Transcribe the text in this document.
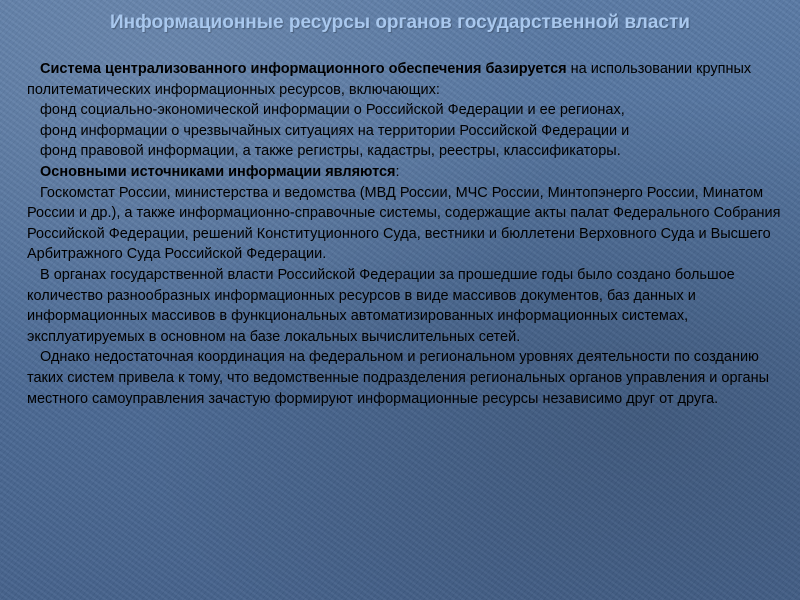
Информационные ресурсы органов государственной власти

Система централизованного информационного обеспечения базируется на использовании крупных политематических информационных ресурсов, включающих:

фонд социально-экономической информации о Российской Федерации и ее регионах,

фонд информации о чрезвычайных ситуациях на территории Российской Федерации и

фонд правовой информации, а также регистры, кадастры, реестры, классификаторы.

Основными источниками информации являются:

Госкомстат России, министерства и ведомства (МВД России, МЧС России, Минтопэнерго России, Минатом России и др.), а также информационно-справочные системы, содержащие акты палат Федерального Собрания Российской Федерации, решений Конституционного Суда, вестники и бюллетени Верховного Суда и Высшего Арбитражного Суда Российской Федерации.

В органах государственной власти Российской Федерации за прошедшие годы было создано большое количество разнообразных информационных ресурсов в виде массивов документов, баз данных и информационных массивов в функциональных автоматизированных информационных системах, эксплуатируемых в основном на базе локальных вычислительных сетей.

Однако недостаточная координация на федеральном и региональном уровнях деятельности по созданию таких систем привела к тому, что ведомственные подразделения региональных органов управления и органы местного самоуправления зачастую формируют информационные ресурсы независимо друг от друга.
